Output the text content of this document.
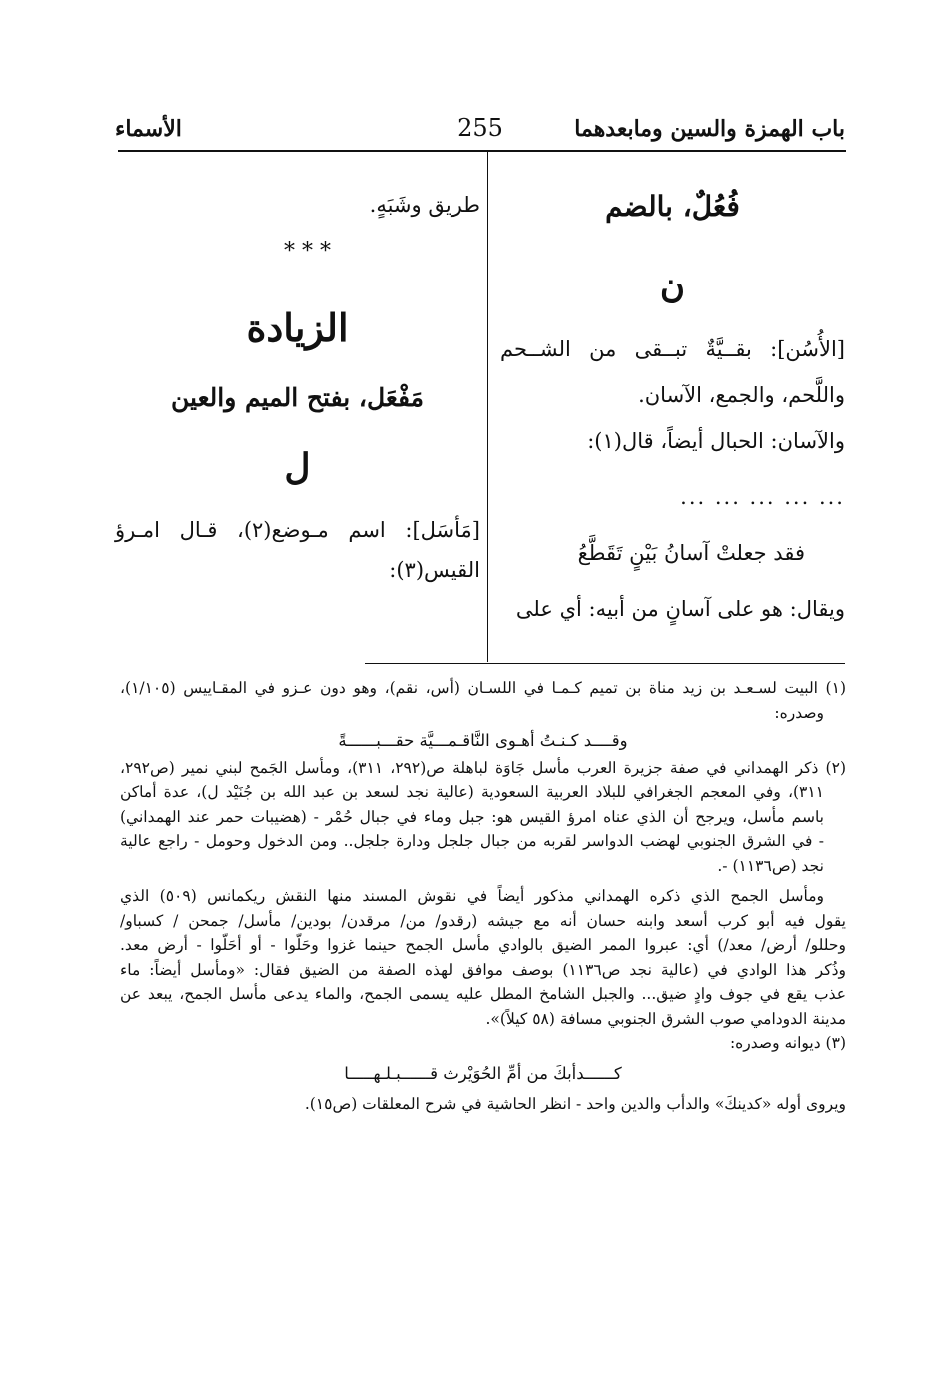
باب الهمزة والسين ومابعدهما
255
الأسماء
فُعُلٌ، بالضم
ن
[الأُسُن]: بقــيَّةٌ تبــقى من الشــحم
واللَّحم، والجمع، الآسان.
والآسان: الحبال أيضاً، قال(١):
... ... ... ... ...
فقد جعلتْ آسانُ بَيْنٍ تَقَطَّعُ
ويقال: هو على آسانٍ من أبيه: أي على
طريق وشَبَهٍ.
* * *
الزيادة
مَفْعَل، بفتح الميم والعين
ل
[مَأسَل]: اسم مـوضع(٢)، قـال امـرؤ
القيس(٣):
(١) البيت لسـعـد بن زيد مناة بن تميم كـمـا في اللسـان (أس، نقم)، وهو دون عـزو في المقـاييس (١/١٠٥)،
وصدره:
وقــــد كـنـتُ أهـوى النَّاقـمـــيَّة حقـــبــــــةً
(٢) ذكر الهمداني في صفة جزيرة العرب مأسل جَاوَة لباهلة ص(٢٩٢، ٣١١)، ومأسل الجَمح لبني نمير (ص٢٩٢،
٣١١)، وفي المعجم الجغرافي للبلاد العربية السعودية (عالية نجد لسعد بن عبد الله بن جُنَيْد ل)، عدة أماكن
باسم مأسل، ويرجح أن الذي عناه امرؤ القيس هو: جبل وماء في جبال حُمْر - (هضيبات حمر عند الهمداني)
- في الشرق الجنوبي لهضب الدواسر لقربه من جبال جلجل ودارة جلجل.. ومن الدخول وحومل - راجع عالية
نجد (ص١١٣٦) -.
ومأسل الجمح الذي ذكره الهمداني مذكور أيضاً في نقوش المسند منها النقش ريكمانس (٥٠٩) الذي
يقول فيه أبو كرب أسعد وابنه حسان أنه مع جيشه (رقدو/ من/ مرقدن/ بودين/ مأسل/ جمحن / كسباو/
وحللو/ أرض/ معد/) أي: عبروا الممر الضيق بالوادي مأسل الجمح حينما غزوا وحَلُّوا - أو أحَلُّوا - أرض معد.
وذُكر هذا الوادي في (عالية نجد ص١١٣٦) بوصف موافق لهذه الصفة من الضيق فقال: «ومأسل أيضاً: ماء
عذب يقع في جوف وادٍ ضيق... والجبل الشامخ المطل عليه يسمى الجمح، والماء يدعى مأسل الجمح، يبعد عن
مدينة الدودامي صوب الشرق الجنوبي مسافة (٥٨ كيلاً)».
(٣) ديوانه وصدره:
كــــــدأبكَ من أمِّ الحُوَيْرث قــــــبـلـهـــــا
ويروى أوله «كدينكَ» والدأب والدين واحد - انظر الحاشية في شرح المعلقات (ص١٥).
